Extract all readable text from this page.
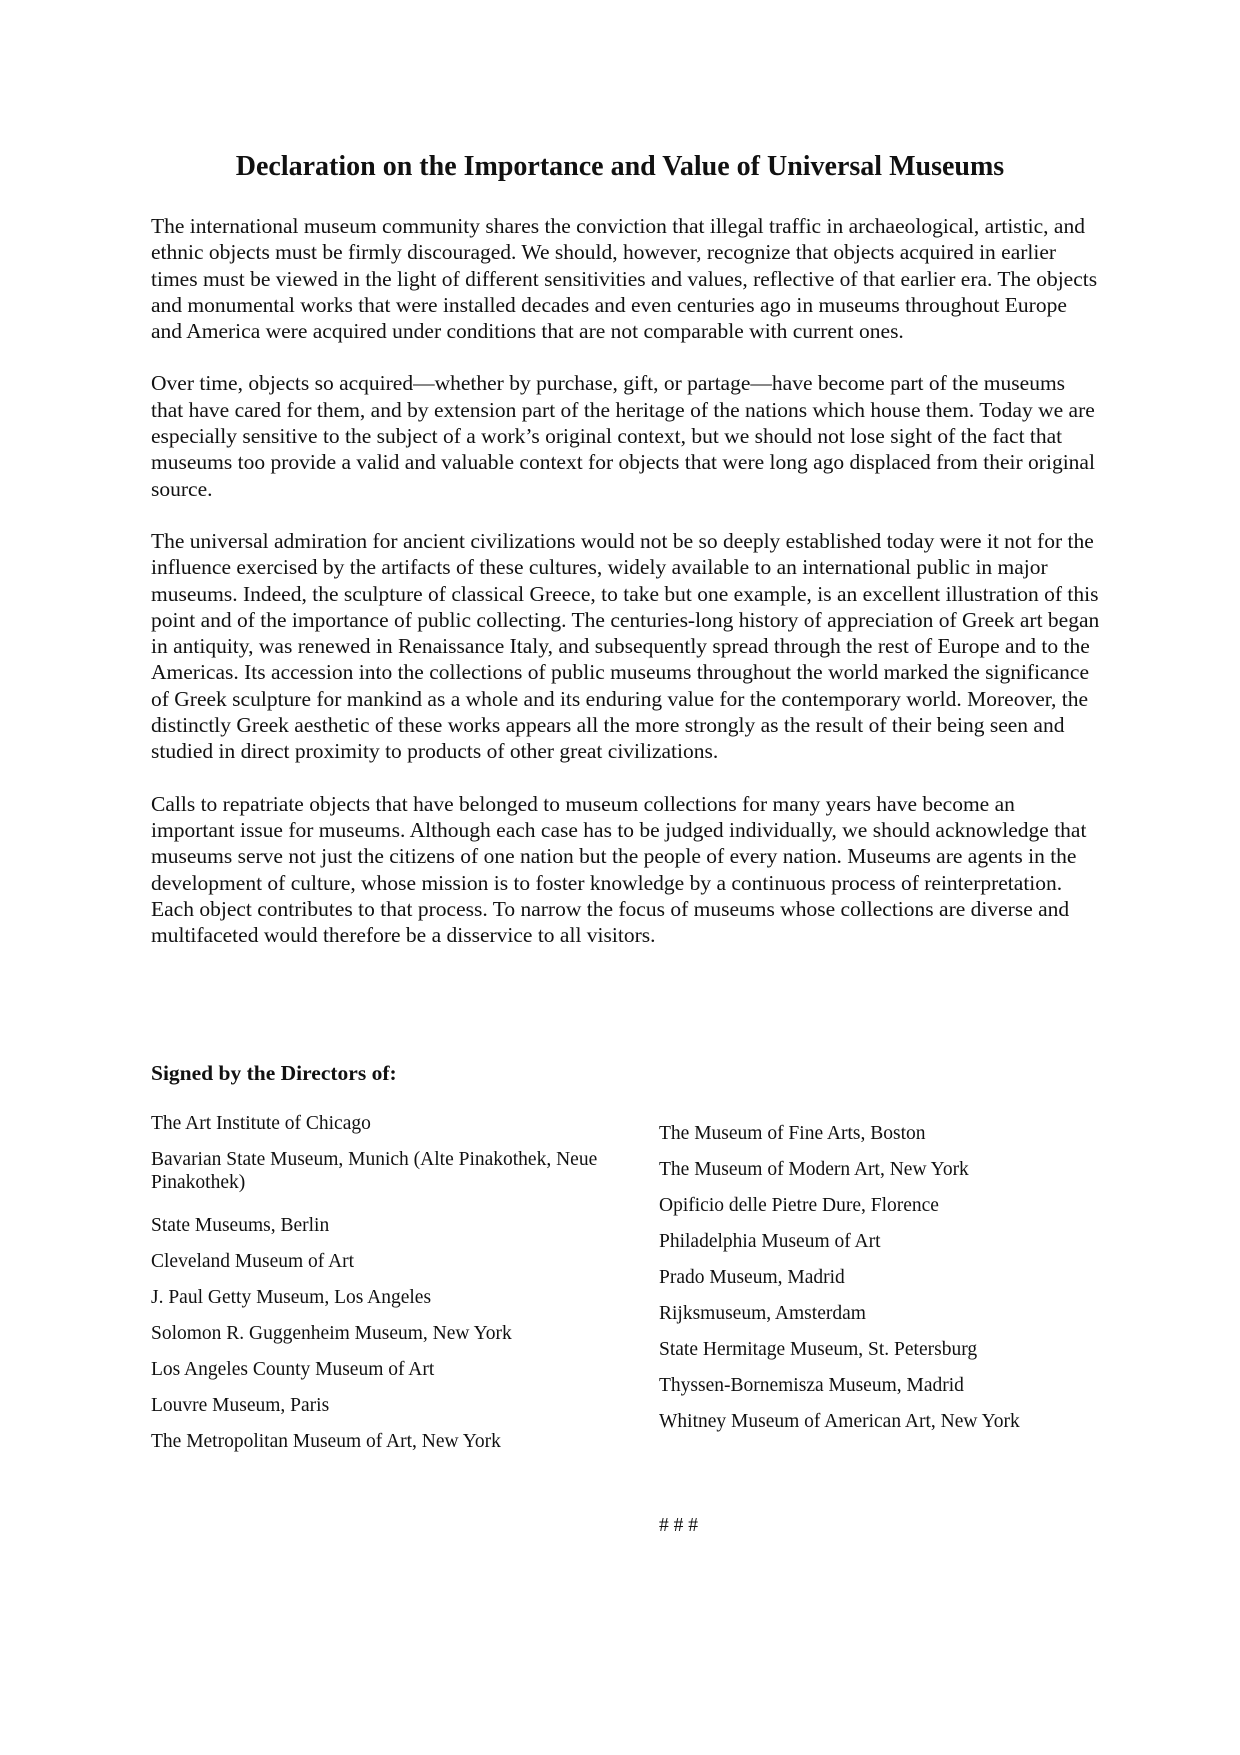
Declaration on the Importance and Value of Universal Museums

The international museum community shares the conviction that illegal traffic in archaeological, artistic, and ethnic objects must be firmly discouraged. We should, however, recognize that objects acquired in earlier times must be viewed in the light of different sensitivities and values, reflective of that earlier era. The objects and monumental works that were installed decades and even centuries ago in museums throughout Europe and America were acquired under conditions that are not comparable with current ones.

Over time, objects so acquired—whether by purchase, gift, or partage—have become part of the museums that have cared for them, and by extension part of the heritage of the nations which house them. Today we are especially sensitive to the subject of a work’s original context, but we should not lose sight of the fact that museums too provide a valid and valuable context for objects that were long ago displaced from their original source.

The universal admiration for ancient civilizations would not be so deeply established today were it not for the influence exercised by the artifacts of these cultures, widely available to an international public in major museums. Indeed, the sculpture of classical Greece, to take but one example, is an excellent illustration of this point and of the importance of public collecting. The centuries-long history of appreciation of Greek art began in antiquity, was renewed in Renaissance Italy, and subsequently spread through the rest of Europe and to the Americas. Its accession into the collections of public museums throughout the world marked the significance of Greek sculpture for mankind as a whole and its enduring value for the contemporary world. Moreover, the distinctly Greek aesthetic of these works appears all the more strongly as the result of their being seen and studied in direct proximity to products of other great civilizations.

Calls to repatriate objects that have belonged to museum collections for many years have become an important issue for museums. Although each case has to be judged individually, we should acknowledge that museums serve not just the citizens of one nation but the people of every nation. Museums are agents in the development of culture, whose mission is to foster knowledge by a continuous process of reinterpretation. Each object contributes to that process. To narrow the focus of museums whose collections are diverse and multifaceted would therefore be a disservice to all visitors.

Signed by the Directors of:

The Art Institute of Chicago
Bavarian State Museum, Munich (Alte Pinakothek, Neue Pinakothek)
State Museums, Berlin
Cleveland Museum of Art
J. Paul Getty Museum, Los Angeles
Solomon R. Guggenheim Museum, New York
Los Angeles County Museum of Art
Louvre Museum, Paris
The Metropolitan Museum of Art, New York
The Museum of Fine Arts, Boston
The Museum of Modern Art, New York
Opificio delle Pietre Dure, Florence
Philadelphia Museum of Art
Prado Museum, Madrid
Rijksmuseum, Amsterdam
State Hermitage Museum, St. Petersburg
Thyssen-Bornemisza Museum, Madrid
Whitney Museum of American Art, New York

# # #
